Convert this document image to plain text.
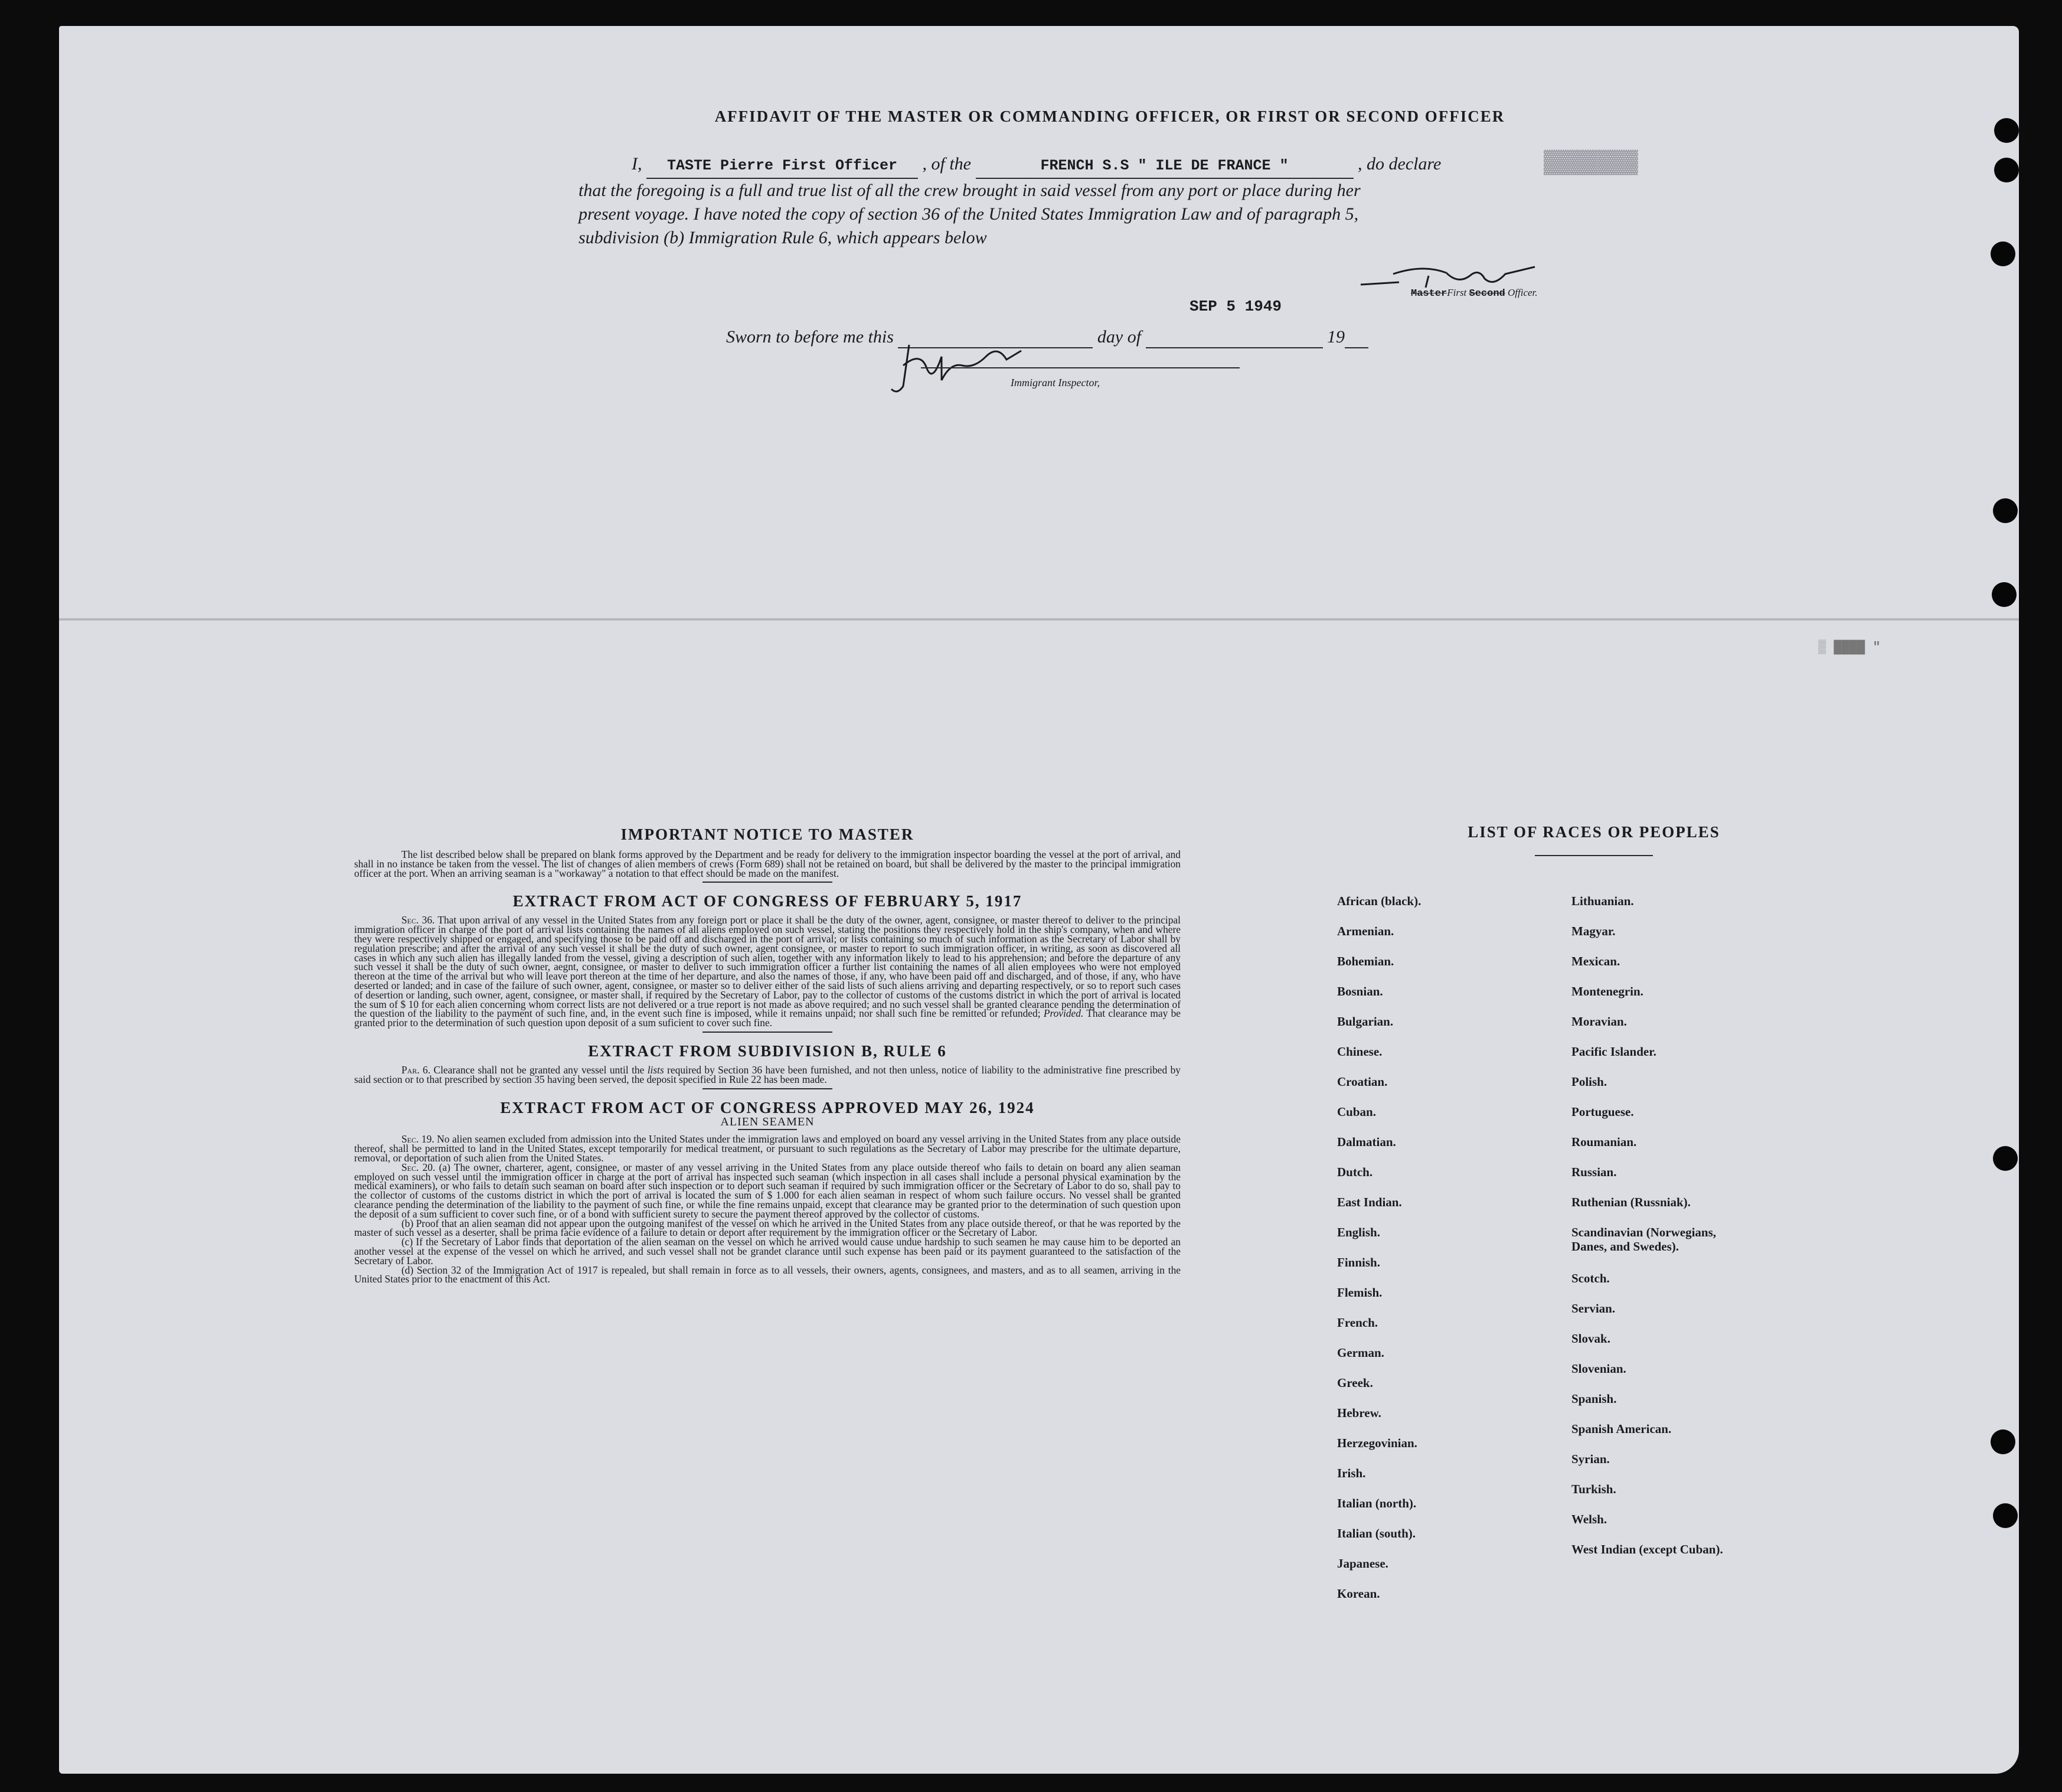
▓▓▓▓▓▓▓
▒ ████ "
AFFIDAVIT OF THE MASTER OR COMMANDING OFFICER, OR FIRST OR SECOND OFFICER
I, TASTE Pierre First Officer , of the	FRENCH S.S " ILE DE FRANCE "	, do declare
that the foregoing is a full and true list of all the crew brought in said vessel from any port or place during her
present voyage. I have noted the copy of section 36 of the United States Immigration Law and of paragraph 5,
subdivision (b) Immigration Rule 6, which appears below
MasterFirst Second Officer.
SEP 5 1949
Sworn to before me this	day of	19
Immigrant Inspector,
IMPORTANT NOTICE TO MASTER

The list described below shall be prepared on blank forms approved by the Department and be ready for delivery to the immigration inspector boarding the vessel at the port of arrival, and shall in no instance be taken from the vessel. The list of changes of alien members of crews (Form 689) shall not be retained on board, but shall be delivered by the master to the principal immigration officer at the port. When an arriving seaman is a "workaway" a notation to that effect should be made on the manifest.

EXTRACT FROM ACT OF CONGRESS OF FEBRUARY 5, 1917

Sec. 36. That upon arrival of any vessel in the United States from any foreign port or place it shall be the duty of the owner, agent, consignee, or master thereof to deliver to the principal immigration officer in charge of the port of arrival lists containing the names of all aliens employed on such vessel, stating the positions they respectively hold in the ship's company, when and where they were respectively shipped or engaged, and specifying those to be paid off and discharged in the port of arrival; or lists containing so much of such information as the Secretary of Labor shall by regulation prescribe; and after the arrival of any such vessel it shall be the duty of such owner, agent consignee, or master to report to such immigration officer, in writing, as soon as discovered all cases in which any such alien has illegally landed from the vessel, giving a description of such alien, together with any information likely to lead to his apprehension; and before the departure of any such vessel it shall be the duty of such owner, aegnt, consignee, or master to deliver to such immigration officer a further list containing the names of all alien employees who were not employed thereon at the time of the arrival but who will leave port thereon at the time of her departure, and also the names of those, if any, who have been paid off and discharged, and of those, if any, who have deserted or landed; and in case of the failure of such owner, agent, consignee, or master so to deliver either of the said lists of such aliens arriving and departing respectively, or so to report such cases of desertion or landing, such owner, agent, consignee, or master shall, if required by the Secretary of Labor, pay to the collector of customs of the customs district in which the port of arrival is located the sum of $ 10 for each alien concerning whom correct lists are not delivered or a true report is not made as above required; and no such vessel shall be granted clearance pending the determination of the question of the liability to the payment of such fine, and, in the event such fine is imposed, while it remains unpaid; nor shall such fine be remitted or refunded; Provided. That clearance may be granted prior to the determination of such question upon deposit of a sum suficient to cover such fine.

EXTRACT FROM SUBDIVISION B, RULE 6

Par. 6. Clearance shall not be granted any vessel until the lists required by Section 36 have been furnished, and not then unless, notice of liability to the administrative fine prescribed by said section or to that prescribed by section 35 having been served, the deposit specified in Rule 22 has been made.

EXTRACT FROM ACT OF CONGRESS APPROVED MAY 26, 1924
ALIEN SEAMEN

Sec. 19. No alien seamen excluded from admission into the United States under the immigration laws and employed on board any vessel arriving in the United States from any place outside thereof, shall be permitted to land in the United States, except temporarily for medical treatment, or pursuant to such regulations as the Secretary of Labor may prescribe for the ultimate departure, removal, or deportation of such alien from the United States.

Sec. 20. (a) The owner, charterer, agent, consignee, or master of any vessel arriving in the United States from any place outside thereof who fails to detain on board any alien seaman employed on such vessel until the immigration officer in charge at the port of arrival has inspected such seaman (which inspection in all cases shall include a personal physical examination by the medical examiners), or who fails to detain such seaman on board after such inspection or to deport such seaman if required by such immigration officer or the Secretary of Labor to do so, shall pay to the collector of customs of the customs district in which the port of arrival is located the sum of $ 1.000 for each alien seaman in respect of whom such failure occurs. No vessel shall be granted clearance pending the determination of the liability to the payment of such fine, or while the fine remains unpaid, except that clearance may be granted prior to the determination of such question upon the deposit of a sum sufficient to cover such fine, or of a bond with sufficient surety to secure the payment thereof approved by the collector of customs.

(b) Proof that an alien seaman did not appear upon the outgoing manifest of the vessel on which he arrived in the United States from any place outside thereof, or that he was reported by the master of such vessel as a deserter, shall be prima facie evidence of a failure to detain or deport after requirement by the immigration officer or the Secretary of Labor.

(c) If the Secretary of Labor finds that deportation of the alien seaman on the vessel on which he arrived would cause undue hardship to such seamen he may cause him to be deported an another vessel at the expense of the vessel on which he arrived, and such vessel shall not be grandet clarance until such expense has been paid or its payment guaranteed to the satisfaction of the Secretary of Labor.

(d) Section 32 of the Immigration Act of 1917 is repealed, but shall remain in force as to all vessels, their owners, agents, consignees, and masters, and as to all seamen, arriving in the United States prior to the enactment of this Act.

LIST OF RACES OR PEOPLES
African (black).
Armenian.
Bohemian.
Bosnian.
Bulgarian.
Chinese.
Croatian.
Cuban.
Dalmatian.
Dutch.
East Indian.
English.
Finnish.
Flemish.
French.
German.
Greek.
Hebrew.
Herzegovinian.
Irish.
Italian (north).
Italian (south).
Japanese.
Korean.
Lithuanian.
Magyar.
Mexican.
Montenegrin.
Moravian.
Pacific Islander.
Polish.
Portuguese.
Roumanian.
Russian.
Ruthenian (Russniak).
Scandinavian (Norwegians, Danes, and Swedes).
Scotch.
Servian.
Slovak.
Slovenian.
Spanish.
Spanish American.
Syrian.
Turkish.
Welsh.
West Indian (except Cuban).
